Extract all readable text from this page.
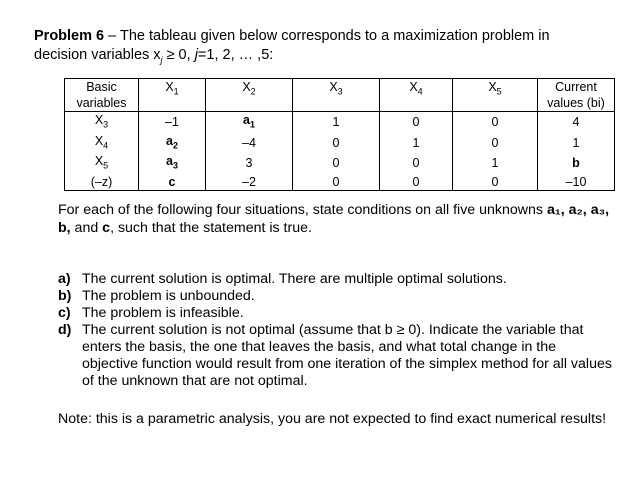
Problem 6 – The tableau given below corresponds to a maximization problem in
decision variables $x_j \ge 0$, j=1, 2, … ,5:
Basic
variables	$X_1$	$X_2$	$X_3$	$X_4$	$X_5$	Current
values (bi)
$X_3$	–1	$a_1$	1	0	0	4
$X_4$	$a_2$	–4	0	1	0	1
$X_5$	$a_3$	3	0	0	1	b
(–z)	c	–2	0	0	0	–10
For each of the following four situations, state conditions on all five unknowns a₁, a₂, a₃, b, and c, such that the statement is true.
a) The current solution is optimal. There are multiple optimal solutions.
b) The problem is unbounded.
c) The problem is infeasible.
d) The current solution is not optimal (assume that b ≥ 0). Indicate the variable that enters the basis, the one that leaves the basis, and what total change in the objective function would result from one iteration of the simplex method for all values of the unknown that are not optimal.
Note: this is a parametric analysis, you are not expected to find exact numerical results!
